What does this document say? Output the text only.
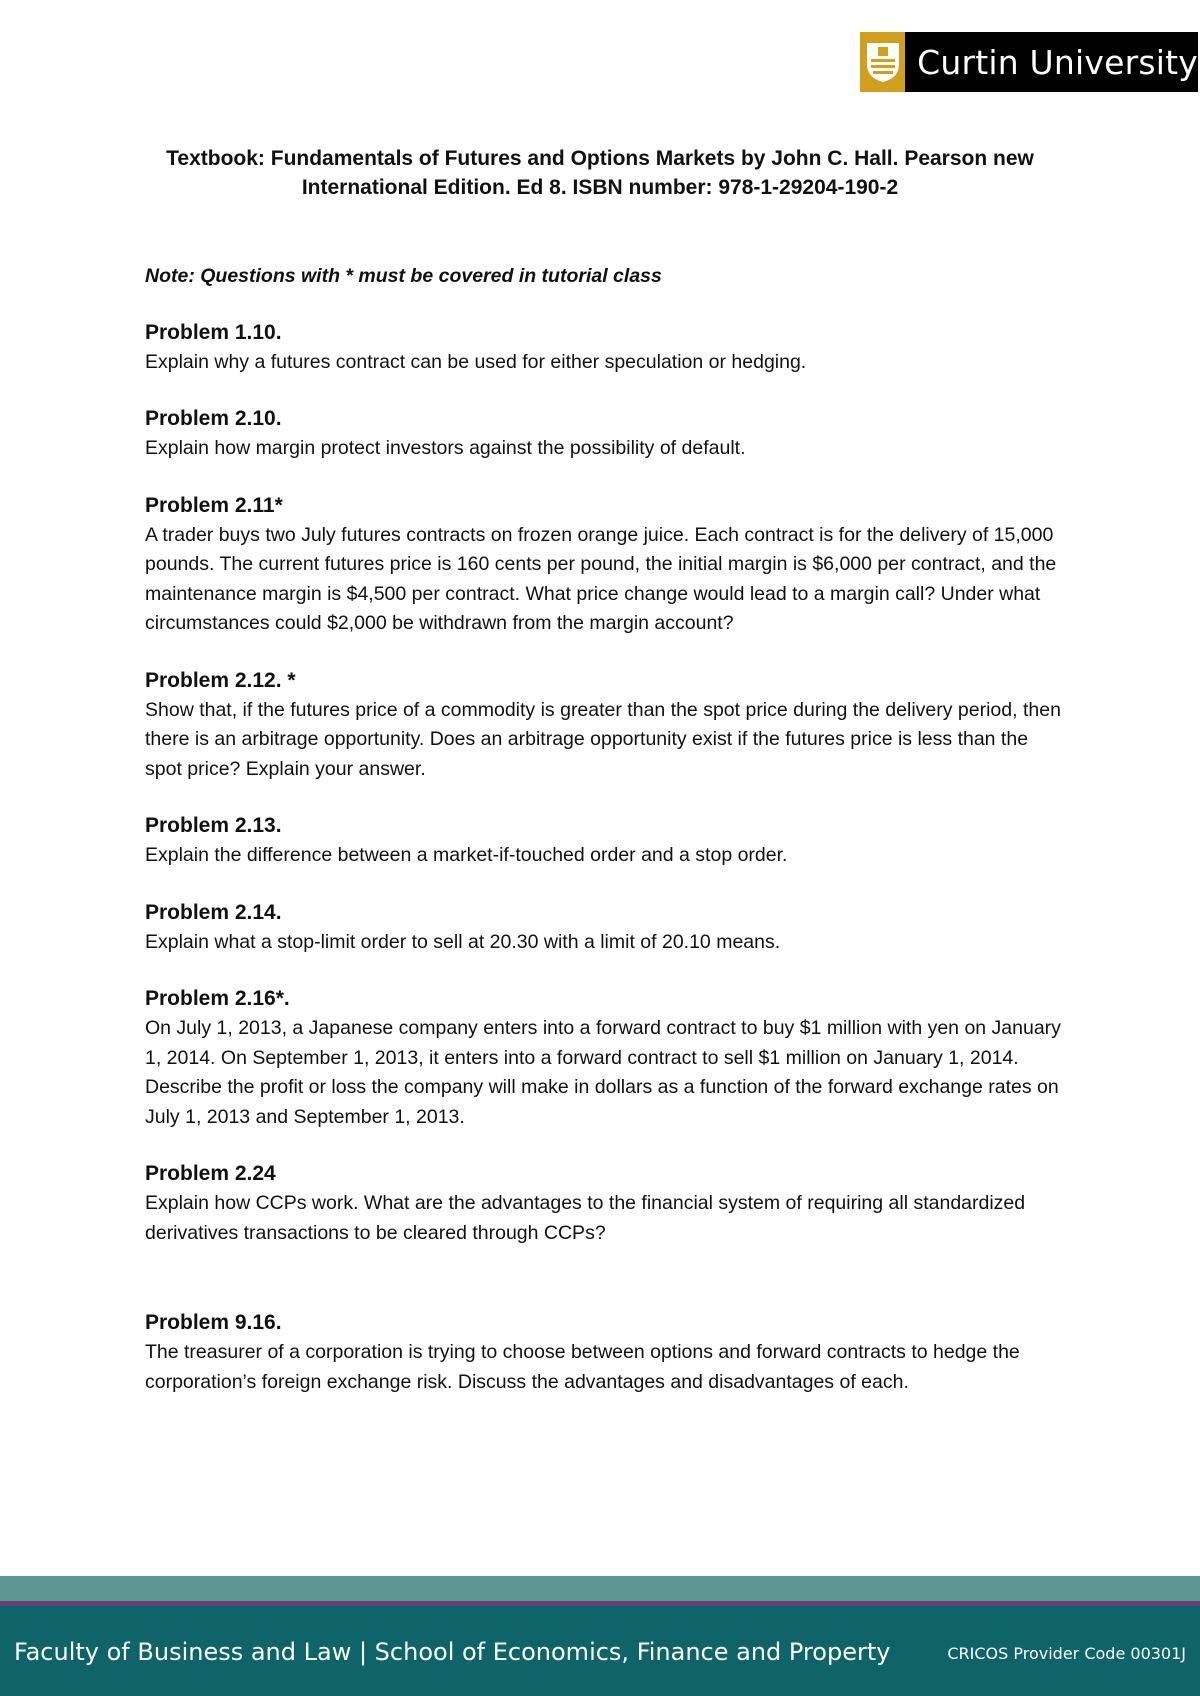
Curtin University
Textbook: Fundamentals of Futures and Options Markets by John C. Hall. Pearson new
International Edition. Ed 8. ISBN number: 978-1-29204-190-2

Note: Questions with * must be covered in tutorial class

Problem 1.10.

Explain why a futures contract can be used for either speculation or hedging.

Problem 2.10.

Explain how margin protect investors against the possibility of default.

Problem 2.11*

A trader buys two July futures contracts on frozen orange juice. Each contract is for the delivery of 15,000 pounds. The current futures price is 160 cents per pound, the initial margin is $6,000 per contract, and the maintenance margin is $4,500 per contract. What price change would lead to a margin call? Under what circumstances could $2,000 be withdrawn from the margin account?

Problem 2.12. *

Show that, if the futures price of a commodity is greater than the spot price during the delivery period, then there is an arbitrage opportunity. Does an arbitrage opportunity exist if the futures price is less than the spot price? Explain your answer.

Problem 2.13.

Explain the difference between a market-if-touched order and a stop order.

Problem 2.14.

Explain what a stop-limit order to sell at 20.30 with a limit of 20.10 means.

Problem 2.16*.

On July 1, 2013, a Japanese company enters into a forward contract to buy $1 million with yen on January 1, 2014. On September 1, 2013, it enters into a forward contract to sell $1 million on January 1, 2014. Describe the profit or loss the company will make in dollars as a function of the forward exchange rates on July 1, 2013 and September 1, 2013.

Problem 2.24

Explain how CCPs work. What are the advantages to the financial system of requiring all standardized derivatives transactions to be cleared through CCPs?

Problem 9.16.

The treasurer of a corporation is trying to choose between options and forward contracts to hedge the corporation’s foreign exchange risk. Discuss the advantages and disadvantages of each.

Faculty of Business and Law | School of Economics, Finance and Property	CRICOS Provider Code 00301J
